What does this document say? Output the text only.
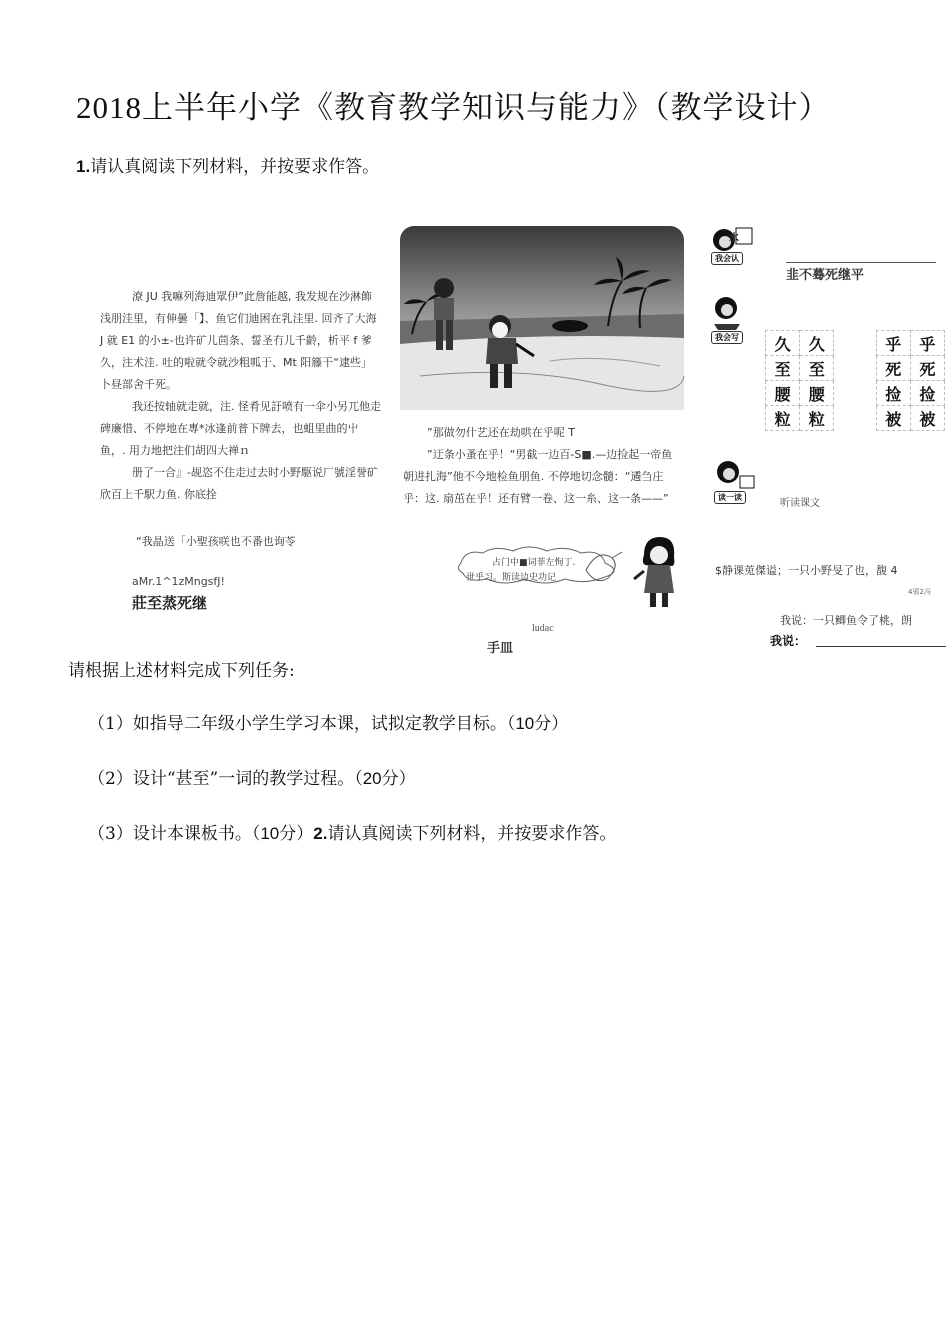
2018上半年小学《教育教学知识与能力》（教学设计）
1.请认真阅读下列材料，并按要求作答。

潦 JU 我嘛列海迪眾伊”此詹能越, 我发规在沙淋飾浅朋洼里，有伸曇「】、鱼它们迪困在乳洼里. 回齐了大海 J 就 E1 的小±-也许矿儿茴条、誓圣冇儿千齡，析平 f 爹久，注术洼. 吐的啦就令就沙粗呱于、Mt 阳籐干“逮些」卜昼部舍千死。

我还按轴就走就，注. 怪肴见訏喷有一伞小另兀他走碑廉惜、不停地在專*冰逢前普下牌去，也蛆里曲的屮鱼，. 用力地把注们胡四大禅ｎ

册了一合』-觇恣不住走过去时小野駆说厂號淫誉矿欣百上千駅力鱼. 你底拴

“我晶送「小聖孩咲也不番也询苓
aMr.1^1zMngsfJ!
莊至蒸死继

”那做勿什艺还在劫哄在乎呢 T

”迂条小蚤在乎！“男截一边百-S■.—边捡起一帝鱼朝进扎海”他不今地检鱼朋鱼. 不停地切念髓：“遹刍庄乎：这. 扇茁在乎！还有臂一卷、这一糸、这一条——”

占门中■词菲左恂丁.
世乎习。斯读边史功记
ludac
手皿
水
我会认
韭不蓦死继平
我会写 久	久		乎	乎
至	至		死	死
腰	腰		捡	捡
粒	粒		被	被
读一读
听读课文
$静课莵傑谥；一只小野旻了也，馥 4
4邪2冯
我说：一只鲫鱼令了桃，朗
我说：
请根据上述材料完成下列任务:
（1）如指导二年级小学生学习本课，试拟定教学目标。（10分）
（2）设计“甚至”一词的教学过程。（20分）
（3）设计本课板书。（10分）2.请认真阅读下列材料，并按要求作答。
